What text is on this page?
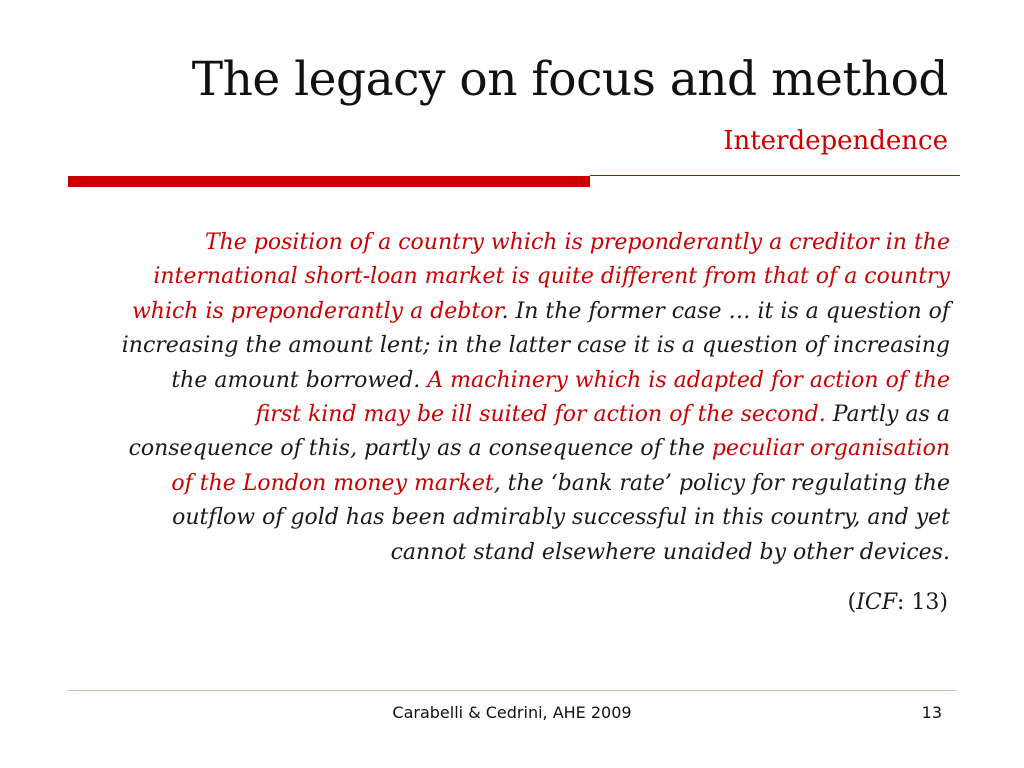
The legacy on focus and method
Interdependence

The position of a country which is preponderantly a creditor in the international short-loan market is quite different from that of a country which is preponderantly a debtor. In the former case … it is a question of increasing the amount lent; in the latter case it is a question of increasing the amount borrowed. A machinery which is adapted for action of the first kind may be ill suited for action of the second. Partly as a consequence of this, partly as a consequence of the peculiar organisation of the London money market, the ‘bank rate’ policy for regulating the outflow of gold has been admirably successful in this country, and yet cannot stand elsewhere unaided by other devices.

(ICF: 13)
Carabelli & Cedrini, AHE 2009	13
